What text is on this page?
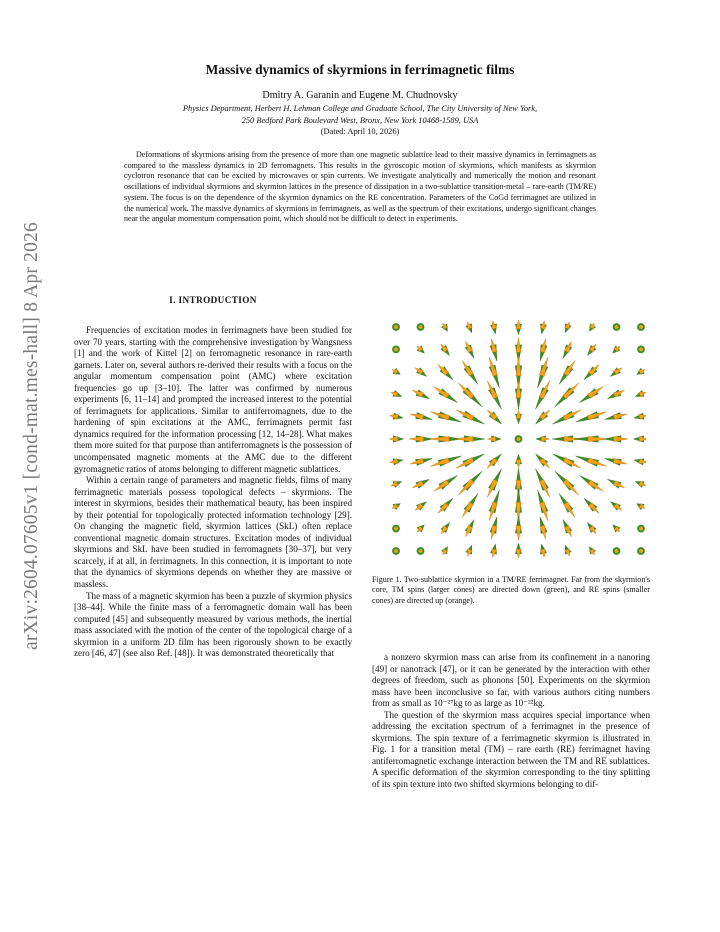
arXiv:2604.07605v1 [cond-mat.mes-hall] 8 Apr 2026
Massive dynamics of skyrmions in ferrimagnetic films
Dmitry A. Garanin and Eugene M. Chudnovsky
Physics Department, Herbert H. Lehman College and Graduate School, The City University of New York,
250 Bedford Park Boulevard West, Bronx, New York 10468-1589, USA
(Dated: April 10, 2026)
Deformations of skyrmions arising from the presence of more than one magnetic sublattice lead to their massive dynamics in ferrimagnets as compared to the massless dynamics in 2D ferromagnets. This results in the gyroscopic motion of skyrmions, which manifests as skyrmion cyclotron resonance that can be excited by microwaves or spin currents. We investigate analytically and numerically the motion and resonant oscillations of individual skyrmions and skyrmion lattices in the presence of dissipation in a two-sublattice transition-metal – rare-earth (TM/RE) system. The focus is on the dependence of the skyrmion dynamics on the RE concentration. Parameters of the CoGd ferrimagnet are utilized in the numerical work. The massive dynamics of skyrmions in ferrimagnets, as well as the spectrum of their excitations, undergo significant changes near the angular momentum compensation point, which should not be difficult to detect in experiments.
I. INTRODUCTION

Frequencies of excitation modes in ferrimagnets have been studied for over 70 years, starting with the comprehensive investigation by Wangsness [1] and the work of Kittel [2] on ferromagnetic resonance in rare-earth garnets. Later on, several authors re-derived their results with a focus on the angular momentum compensation point (AMC) where excitation frequencies go up [3–10]. The latter was confirmed by numerous experiments [6, 11–14] and prompted the increased interest to the potential of ferrimagnets for applications. Similar to antiferromagnets, due to the hardening of spin excitations at the AMC, ferrimagnets permit fast dynamics required for the information processing [12, 14–28]. What makes them more suited for that purpose than antiferromagnets is the possession of uncompensated magnetic moments at the AMC due to the different gyromagnetic ratios of atoms belonging to different magnetic sublattices.

Within a certain range of parameters and magnetic fields, films of many ferrimagnetic materials possess topological defects – skyrmions. The interest in skyrmions, besides their mathematical beauty, has been inspired by their potential for topologically protected information technology [29]. On changing the magnetic field, skyrmion lattices (SkL) often replace conventional magnetic domain structures. Excitation modes of individual skyrmions and SkL have been studied in ferromagnets [30–37], but very scarcely, if at all, in ferrimagnets. In this connection, it is important to note that the dynamics of skyrmions depends on whether they are massive or massless.

The mass of a magnetic skyrmion has been a puzzle of skyrmion physics [38–44]. While the finite mass of a ferromagnetic domain wall has been computed [45] and subsequently measured by various methods, the inertial mass associated with the motion of the center of the topological charge of a skyrmion in a uniform 2D film has been rigorously shown to be exactly zero [46, 47] (see also Ref. [48]). It was demonstrated theoretically that

Figure 1. Two-sublattice skyrmion in a TM/RE ferrimagnet. Far from the skyrmion's core, TM spins (larger cones) are directed down (green), and RE spins (smaller cones) are directed up (orange).

a nonzero skyrmion mass can arise from its confinement in a nanoring [49] or nanotrack [47], or it can be generated by the interaction with other degrees of freedom, such as phonons [50]. Experiments on the skyrmion mass have been inconclusive so far, with various authors citing numbers from as small as 10⁻²⁷kg to as large as 10⁻²²kg.

The question of the skyrmion mass acquires special importance when addressing the excitation spectrum of a ferrimagnet in the presence of skyrmions. The spin texture of a ferrimagnetic skyrmion is illustrated in Fig. 1 for a transition metal (TM) – rare earth (RE) ferrimagnet having antiferromagnetic exchange interaction between the TM and RE sublattices. A specific deformation of the skyrmion corresponding to the tiny splitting of its spin texture into two shifted skyrmions belonging to dif-
